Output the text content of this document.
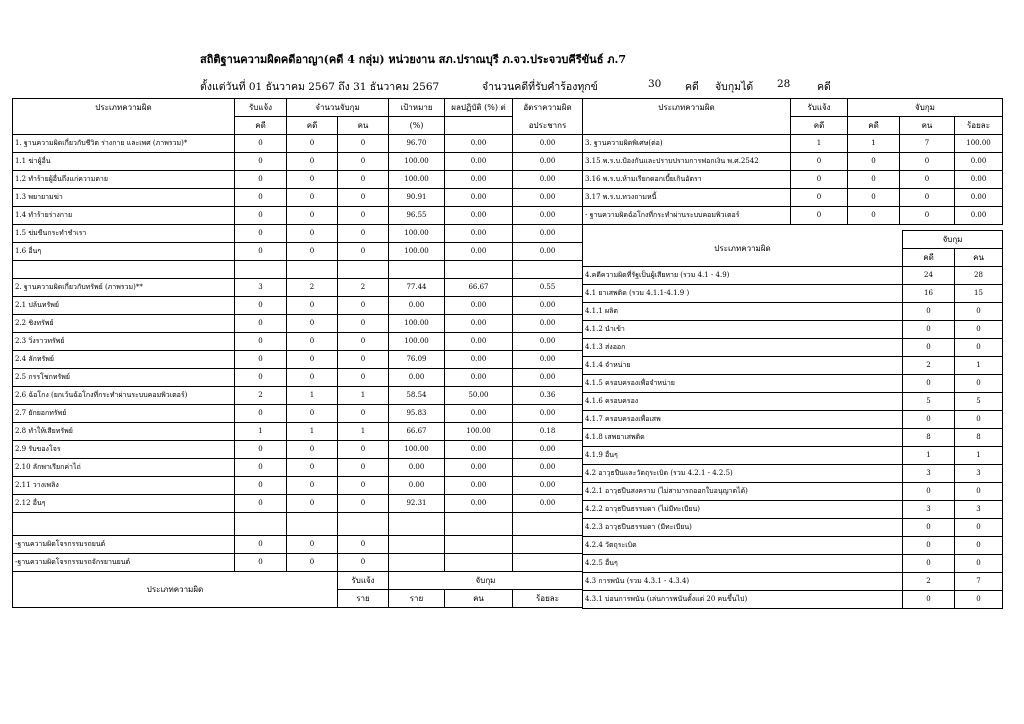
สถิติฐานความผิดคดีอาญา(คดี 4 กลุ่ม) หน่วยงาน สภ.ปราณบุรี ภ.จว.ประจวบคีรีขันธ์ ภ.7
ตั้งแต่วันที่ 01 ธันวาคม 2567 ถึง 31 ธันวาคม 2567	จำนวนคดีที่รับคำร้องทุกข์	30 คดี จับกุมได้ 28	คดี
ประเภทความผิด	รับแจ้ง	จำนวนจับกุม		เป้าหมาย	ผลปฏิบัติ (%) ต่	อัตราความผิด
	คดี	คดี	คน	(%)		อประชากร
1. ฐานความผิดเกี่ยวกับชีวิต ร่างกาย และเพศ (ภาพรวม)*	0	0	0	96.70	0.00	0.00
1.1 ฆ่าผู้อื่น	0	0	0	100.00	0.00	0.00
1.2 ทำร้ายผู้อื่นถึงแก่ความตาย	0	0	0	100.00	0.00	0.00
1.3 พยายามฆ่า	0	0	0	90.91	0.00	0.00
1.4 ทำร้ายร่างกาย	0	0	0	96.55	0.00	0.00
1.5 ข่มขืนกระทำชำเรา	0	0	0	100.00	0.00	0.00
1.6 อื่นๆ	0	0	0	100.00	0.00	0.00

2. ฐานความผิดเกี่ยวกับทรัพย์ (ภาพรวม)**	3	2	2	77.44	66.67	0.55
2.1 ปล้นทรัพย์	0	0	0	0.00	0.00	0.00
2.2 ชิงทรัพย์	0	0	0	100.00	0.00	0.00
2.3 วิ่งราวทรัพย์	0	0	0	100.00	0.00	0.00
2.4 ลักทรัพย์	0	0	0	76.09	0.00	0.00
2.5 กรรโชกทรัพย์	0	0	0	0.00	0.00	0.00
2.6 ฉ้อโกง (ยกเว้นฉ้อโกงที่กระทำผ่านระบบคอมพิวเตอร์)	2	1	1	58.54	50.00	0.36
2.7 ยักยอกทรัพย์	0	0	0	95.83	0.00	0.00
2.8 ทำให้เสียทรัพย์	1	1	1	66.67	100.00	0.18
2.9 รับของโจร	0	0	0	100.00	0.00	0.00
2.10 ลักพาเรียกค่าไถ่	0	0	0	0.00	0.00	0.00
2.11 วางเพลิง	0	0	0	0.00	0.00	0.00
2.12 อื่นๆ	0	0	0	92.31	0.00	0.00

-ฐานความผิดโจรกรรมรถยนต์	0	0	0			
-ฐานความผิดโจรกรรมรถจักรยานยนต์	0	0	0			
ประเภทความผิด			รับแจ้ง	จับกุม		
			ราย	ราย	คน	ร้อยละ
ประเภทความผิด	รับแจ้ง	จับกุม		
	คดี	คดี	คน	ร้อยละ
3. ฐานความผิดพิเศษ(ต่อ)	1	1	7	100.00
3.15 พ.ร.บ.ป้องกันและปราบปรามการฟอกเงิน พ.ศ.2542	0	0	0	0.00
3.16 พ.ร.บ.ห้ามเรียกดอกเบี้ยเกินอัตรา	0	0	0	0.00
3.17 พ.ร.บ.ทวงถามหนี้	0	0	0	0.00
- ฐานความผิดฉ้อโกงที่กระทำผ่านระบบคอมพิวเตอร์	0	0	0	0.00
ประเภทความผิด	จับกุม	
	คดี	คน
4.คดีความผิดที่รัฐเป็นผู้เสียหาย (รวม 4.1 - 4.9)	24	28
4.1 ยาเสพติด (รวม 4.1.1-4.1.9 )	16	15
4.1.1 ผลิต	0	0
4.1.2 นำเข้า	0	0
4.1.3 ส่งออก	0	0
4.1.4 จำหน่าย	2	1
4.1.5 ครอบครองเพื่อจำหน่าย	0	0
4.1.6 ครอบครอง	5	5
4.1.7 ครอบครองเพื่อเสพ	0	0
4.1.8 เสพยาเสพติด	8	8
4.1.9 อื่นๆ	1	1
4.2 อาวุธปืนและวัตถุระเบิด (รวม 4.2.1 - 4.2.5)	3	3
4.2.1 อาวุธปืนสงคราม (ไม่สามารถออกใบอนุญาตได้)	0	0
4.2.2 อาวุธปืนธรรมดา (ไม่มีทะเบียน)	3	3
4.2.3 อาวุธปืนธรรมดา (มีทะเบียน)	0	0
4.2.4 วัตถุระเบิด	0	0
4.2.5 อื่นๆ	0	0
4.3 การพนัน (รวม 4.3.1 - 4.3.4)	2	7
4.3.1 บ่อนการพนัน (เล่นการพนันตั้งแต่ 20 คนขึ้นไป)	0	0
